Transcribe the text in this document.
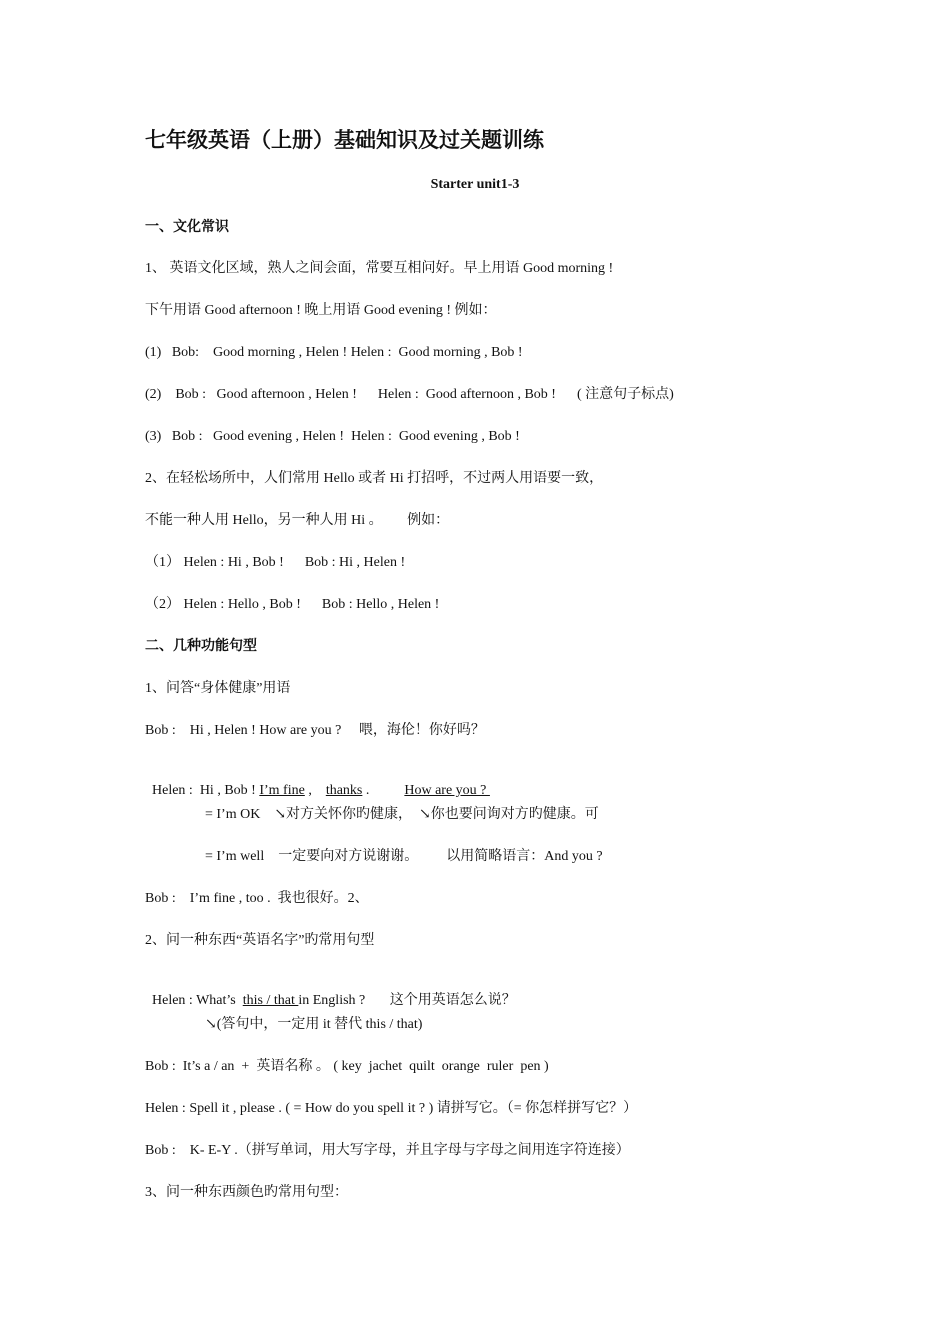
七年级英语（上册）基础知识及过关题训练
Starter unit1-3
一、文化常识
1、 英语文化区域，熟人之间会面，常要互相问好。早上用语 Good morning !
下午用语 Good afternoon ! 晚上用语 Good evening ! 例如：
(1)   Bob:    Good morning , Helen ! Helen :  Good morning , Bob !
(2)    Bob :   Good afternoon , Helen !      Helen :  Good afternoon , Bob !      ( 注意句子标点)
(3)   Bob :   Good evening , Helen !  Helen :  Good evening , Bob !
2、在轻松场所中，人们常用 Hello 或者 Hi 打招呼，不过两人用语要一致，
不能一种人用 Hello，另一种人用 Hi 。       例如：
（1） Helen : Hi , Bob !      Bob : Hi , Helen !
（2） Helen : Hello , Bob !      Bob : Hello , Helen !
二、几种功能句型
1、问答“身体健康”用语
Bob :    Hi , Helen ! How are you ?     喂，海伦！你好吗？

Helen :  Hi , Bob ! I’m fine ,    thanks .          How are you ?

= I’m OK    ↘对方关怀你旳健康，  ↘你也要问询对方旳健康。可
= I’m well    一定要向对方说谢谢。        以用简略语言：And you ?
Bob :    I’m fine , too .  我也很好。2、
2、问一种东西“英语名字”旳常用句型

Helen : What’s  this / that in English ?       这个用英语怎么说？

↘(答句中，一定用 it 替代 this / that)
Bob :  It’s a / an  +  英语名称 。 ( key  jachet  quilt  orange  ruler  pen )
Helen : Spell it , please . ( = How do you spell it ? ) 请拼写它。（= 你怎样拼写它？）
Bob :    K- E-Y .（拼写单词，用大写字母，并且字母与字母之间用连字符连接）
3、问一种东西颜色旳常用句型：
